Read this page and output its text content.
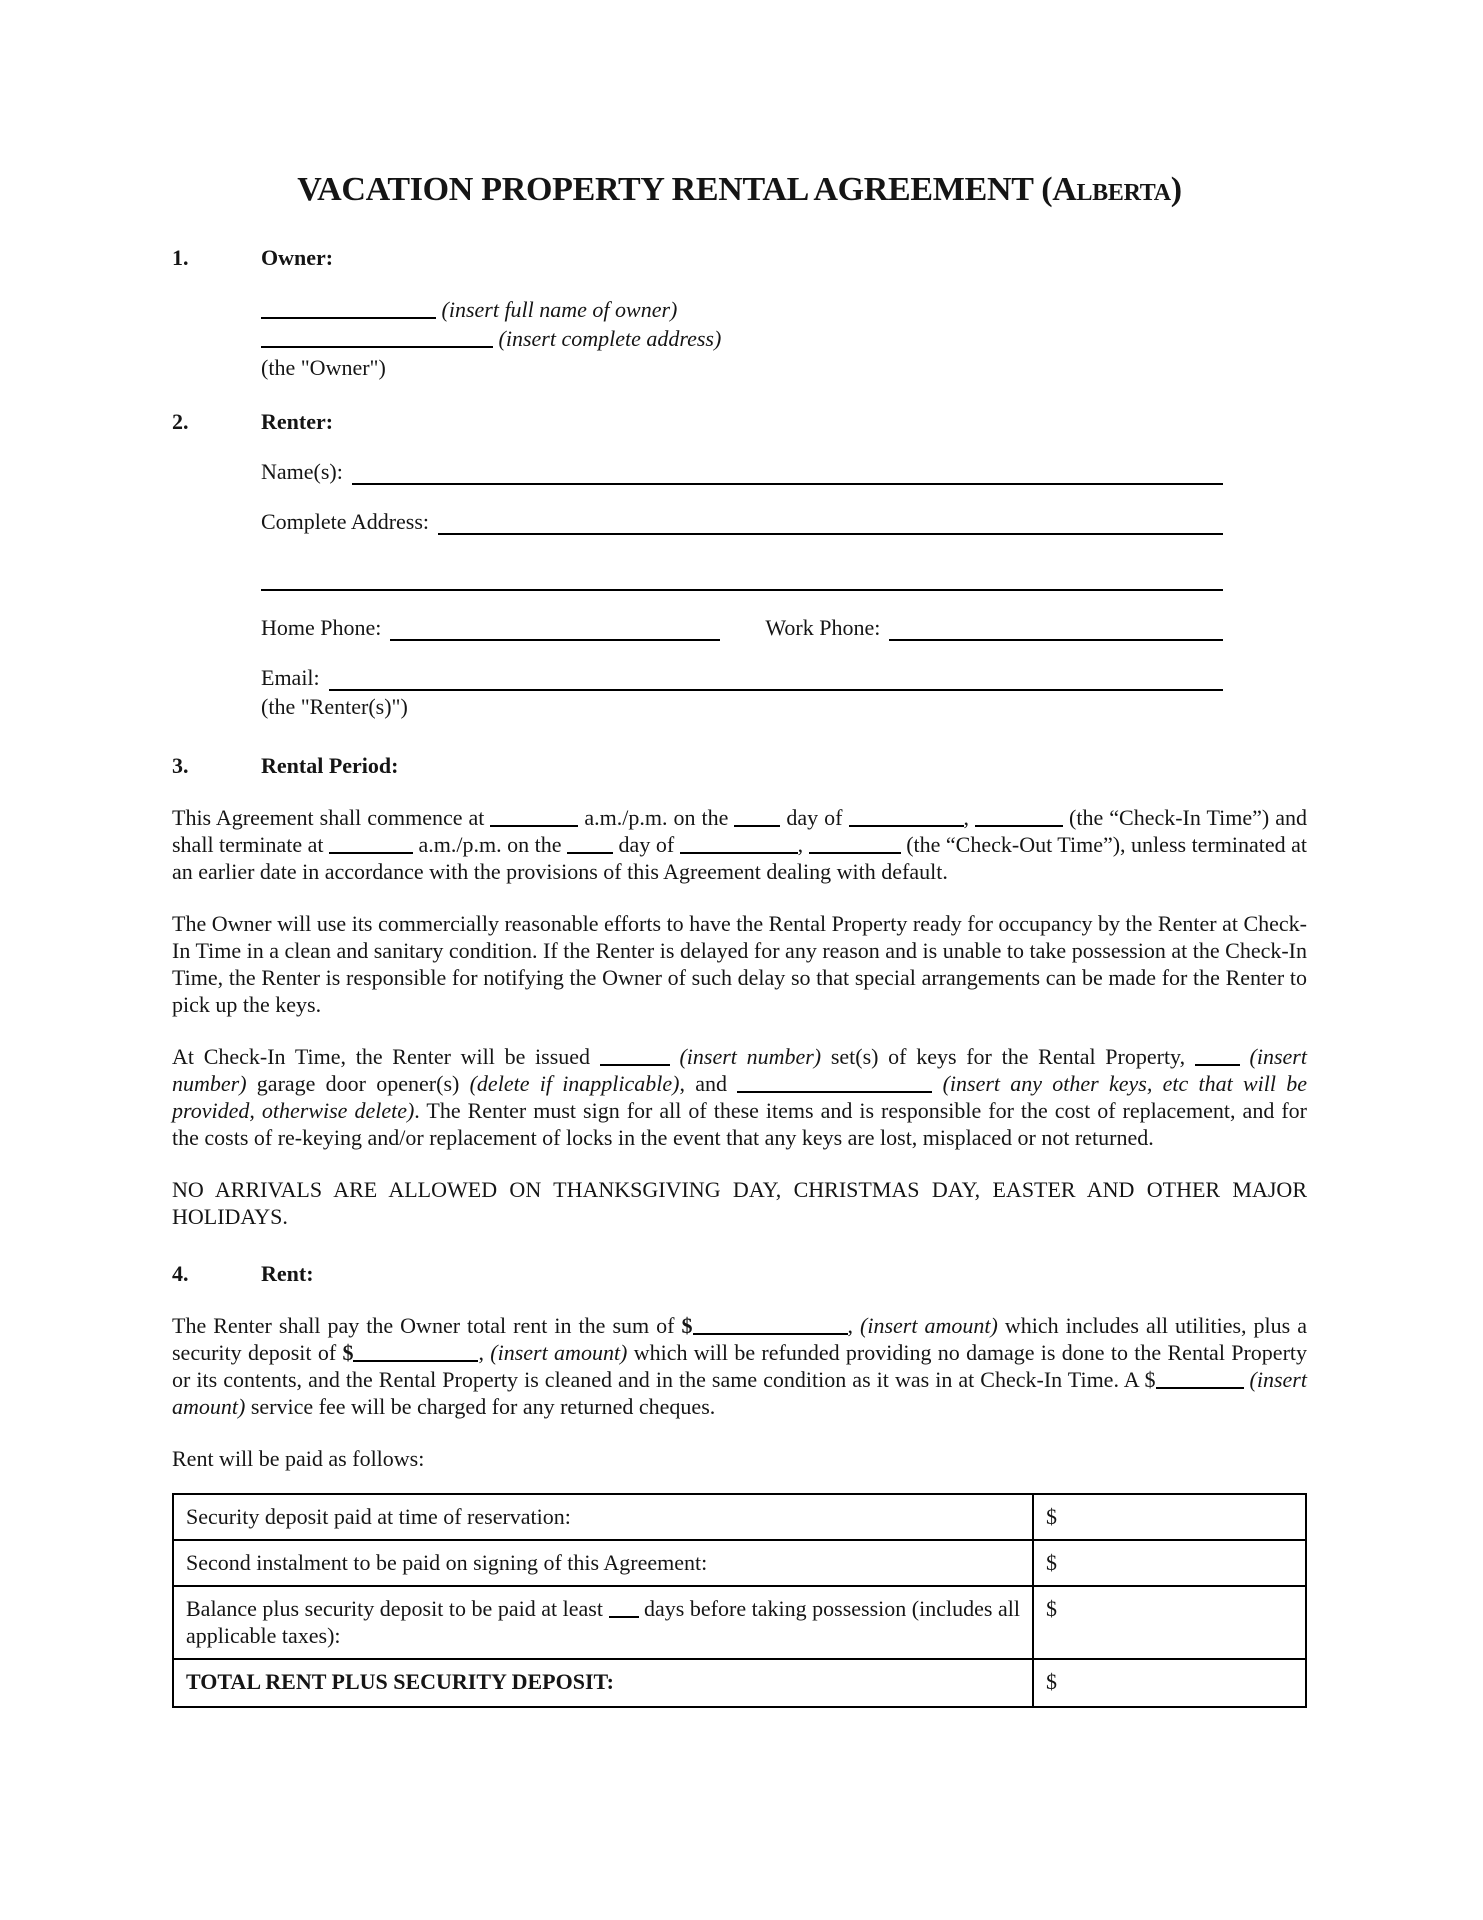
VACATION PROPERTY RENTAL AGREEMENT (Alberta)
1.	Owner:
(insert full name of owner)
(insert complete address)
(the "Owner")
2.	Renter:
Name(s):
Complete Address:
Home Phone:	Work Phone:
Email:
(the "Renter(s)")
3.	Rental Period:
This Agreement shall commence at	a.m./p.m. on the  day of	,	(the “Check-In Time”) and shall terminate at	a.m./p.m. on the  day of	,	(the “Check-Out Time”), unless terminated at an earlier date in accordance with the provisions of this Agreement dealing with default.
The Owner will use its commercially reasonable efforts to have the Rental Property ready for occupancy by the Renter at Check-In Time in a clean and sanitary condition. If the Renter is delayed for any reason and is unable to take possession at the Check-In Time, the Renter is responsible for notifying the Owner of such delay so that special arrangements can be made for the Renter to pick up the keys.
At Check-In Time, the Renter will be issued	(insert number) set(s) of keys for the Rental Property,  (insert number) garage door opener(s) (delete if inapplicable), and	(insert any other keys, etc that will be provided, otherwise delete). The Renter must sign for all of these items and is responsible for the cost of replacement, and for the costs of re-keying and/or replacement of locks in the event that any keys are lost, misplaced or not returned.
NO ARRIVALS ARE ALLOWED ON THANKSGIVING DAY, CHRISTMAS DAY, EASTER AND OTHER MAJOR HOLIDAYS.
4.	Rent:
The Renter shall pay the Owner total rent in the sum of $	, (insert amount) which includes all utilities, plus a security deposit of $	, (insert amount) which will be refunded providing no damage is done to the Rental Property or its contents, and the Rental Property is cleaned and in the same condition as it was in at Check-In Time. A $	(insert amount) service fee will be charged for any returned cheques.
Rent will be paid as follows:
Security deposit paid at time of reservation:	$
Second instalment to be paid on signing of this Agreement:	$
Balance plus security deposit to be paid at least  days before taking possession (includes all applicable taxes):	$
TOTAL RENT PLUS SECURITY DEPOSIT:	$
